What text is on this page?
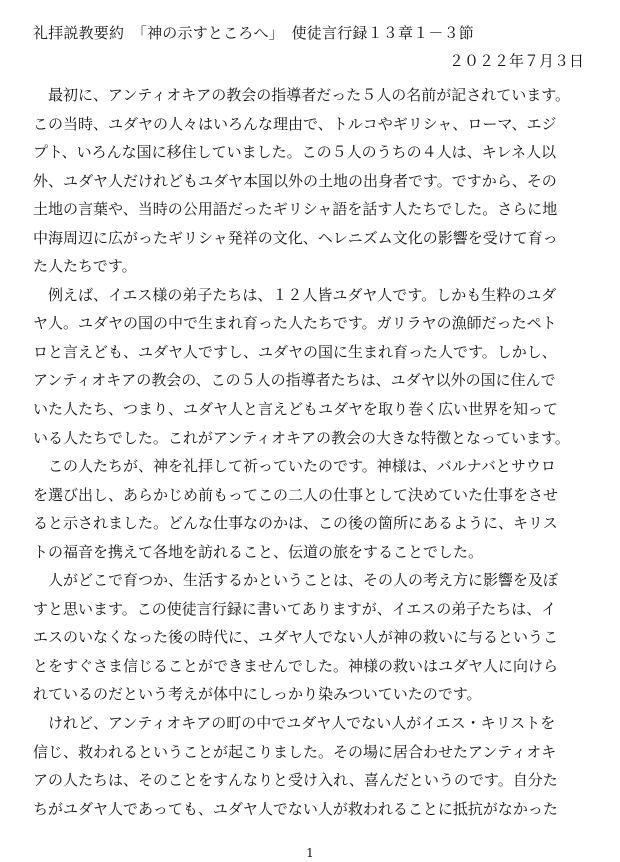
礼拝説教要約　「神の示すところへ」　使徒言行録１３章１－３節
２０２２年７月３日
　最初に、アンティオキアの教会の指導者だった５人の名前が記されています。
この当時、ユダヤの人々はいろんな理由で、トルコやギリシャ、ローマ、エジ
プト、いろんな国に移住していました。この５人のうちの４人は、キレネ人以
外、ユダヤ人だけれどもユダヤ本国以外の土地の出身者です。ですから、その
土地の言葉や、当時の公用語だったギリシャ語を話す人たちでした。さらに地
中海周辺に広がったギリシャ発祥の文化、ヘレニズム文化の影響を受けて育っ
た人たちです。
　例えば、イエス様の弟子たちは、１２人皆ユダヤ人です。しかも生粋のユダ
ヤ人。ユダヤの国の中で生まれ育った人たちです。ガリラヤの漁師だったペト
ロと言えども、ユダヤ人ですし、ユダヤの国に生まれ育った人です。しかし、
アンティオキアの教会の、この５人の指導者たちは、ユダヤ以外の国に住んで
いた人たち、つまり、ユダヤ人と言えどもユダヤを取り巻く広い世界を知って
いる人たちでした。これがアンティオキアの教会の大きな特徴となっています。
　この人たちが、神を礼拝して祈っていたのです。神様は、バルナバとサウロ
を選び出し、あらかじめ前もってこの二人の仕事として決めていた仕事をさせ
ると示されました。どんな仕事なのかは、この後の箇所にあるように、キリス
トの福音を携えて各地を訪れること、伝道の旅をすることでした。
　人がどこで育つか、生活するかということは、その人の考え方に影響を及ぼ
すと思います。この使徒言行録に書いてありますが、イエスの弟子たちは、イ
エスのいなくなった後の時代に、ユダヤ人でない人が神の救いに与るというこ
とをすぐさま信じることができませんでした。神様の救いはユダヤ人に向けら
れているのだという考えが体中にしっかり染みついていたのです。
　けれど、アンティオキアの町の中でユダヤ人でない人がイエス・キリストを
信じ、救われるということが起こりました。その場に居合わせたアンティオキ
アの人たちは、そのことをすんなりと受け入れ、喜んだというのです。自分た
ちがユダヤ人であっても、ユダヤ人でない人が救われることに抵抗がなかった
1
